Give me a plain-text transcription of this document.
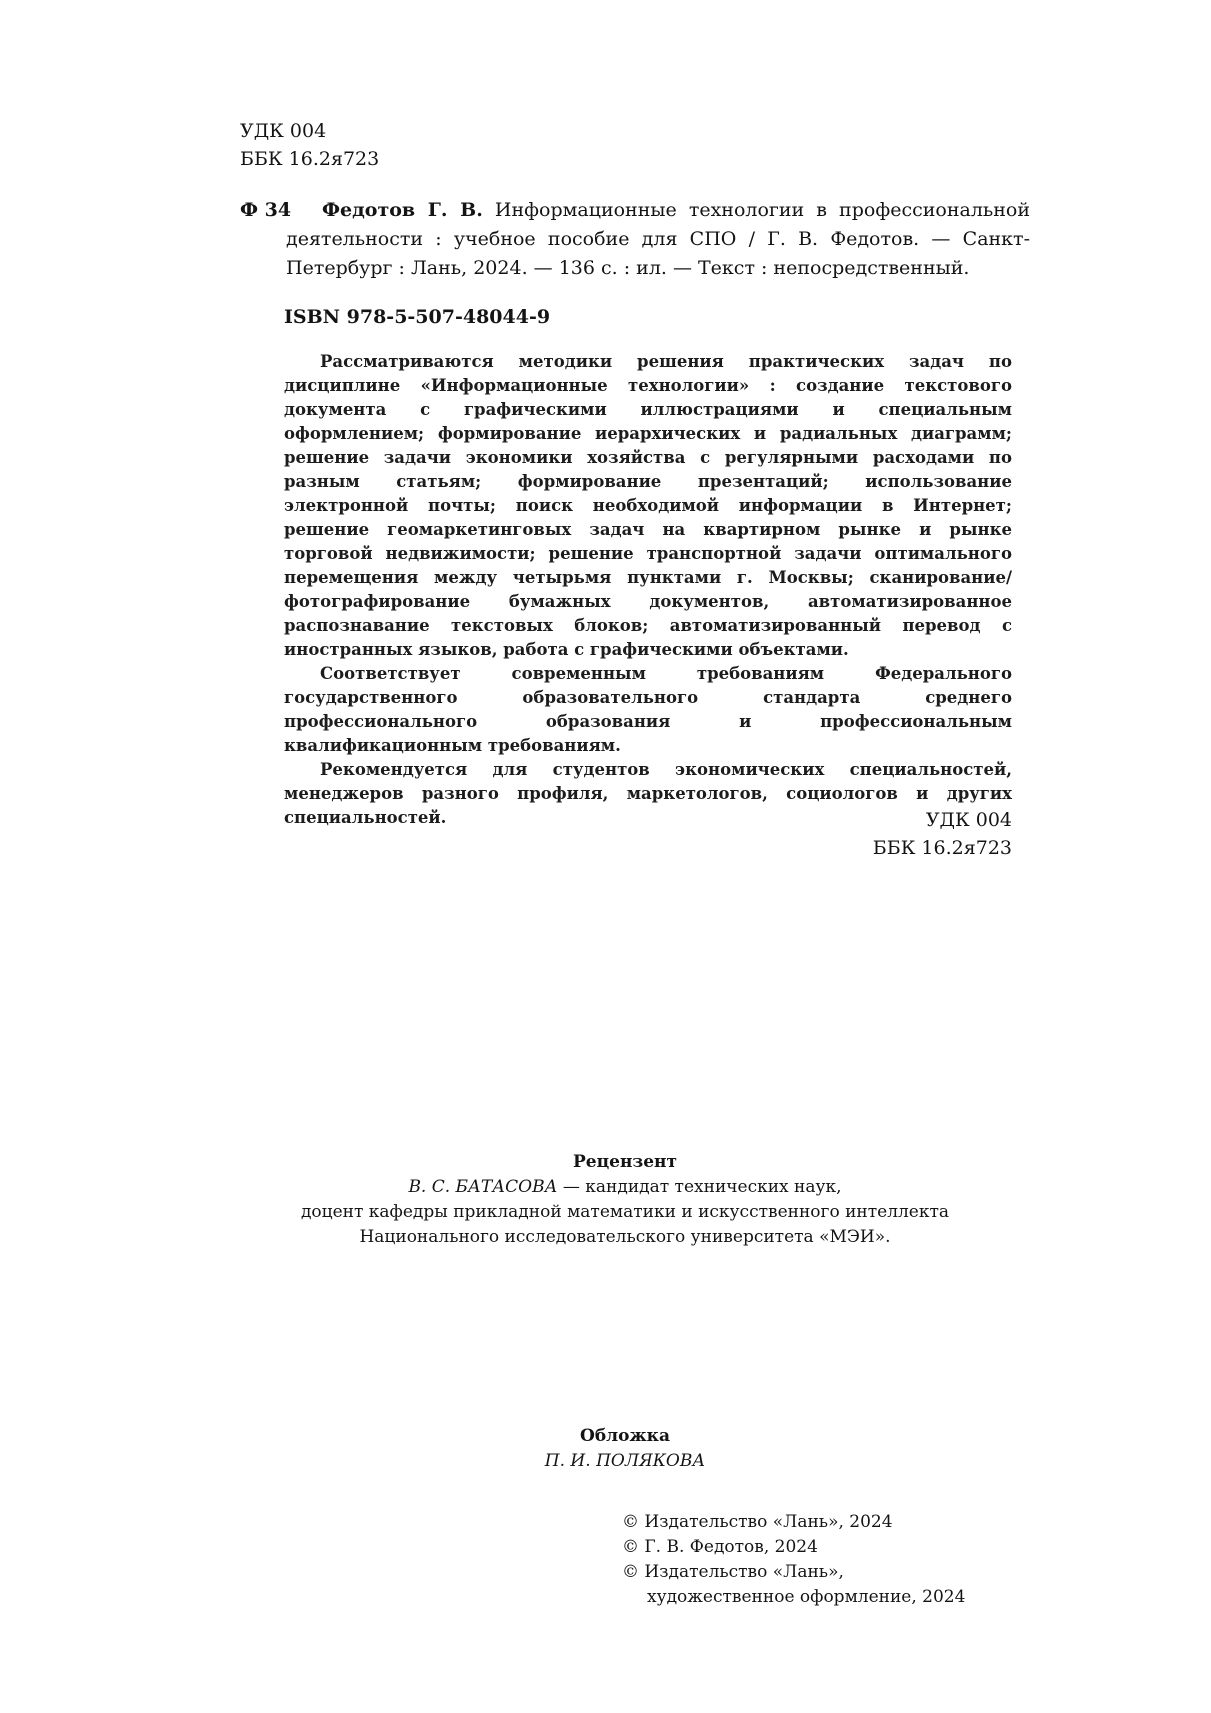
УДК 004
ББК 16.2я723
Ф 34	Федотов Г. В. Информационные технологии в профессиональной деятельности : учебное пособие для СПО / Г. В. Федотов. — Санкт-Петербург : Лань, 2024. — 136 с. : ил. — Текст : непосредственный.
ISBN 978-5-507-48044-9

Рассматриваются методики решения практических задач по дисциплине «Информационные технологии» : создание текстового документа с графическими иллюстрациями и специальным оформлением; формирование иерархических и радиальных диаграмм; решение задачи экономики хозяйства с регулярными расходами по разным статьям; формирование презентаций; использование электронной почты; поиск необходимой информации в Интернет; решение геомаркетинговых задач на квартирном рынке и рынке торговой недвижимости; решение транспортной задачи оптимального перемещения между четырьмя пунктами г. Москвы; сканирование/фотографирование бумажных документов, автоматизированное распознавание текстовых блоков; автоматизированный перевод с иностранных языков, работа с графическими объектами.

Соответствует современным требованиям Федерального государственного образовательного стандарта среднего профессионального образования и профессиональным квалификационным требованиям.

Рекомендуется для студентов экономических специальностей, менеджеров разного профиля, маркетологов, социологов и других специальностей.	УДК 004
ББК 16.2я723
Рецензент
В. С. БАТАСОВА — кандидат технических наук,
доцент кафедры прикладной математики и искусственного интеллекта
Национального исследовательского университета «МЭИ».
Обложка
П. И. ПОЛЯКОВА
© Издательство «Лань», 2024
© Г. В. Федотов, 2024
© Издательство «Лань»,
художественное оформление, 2024
